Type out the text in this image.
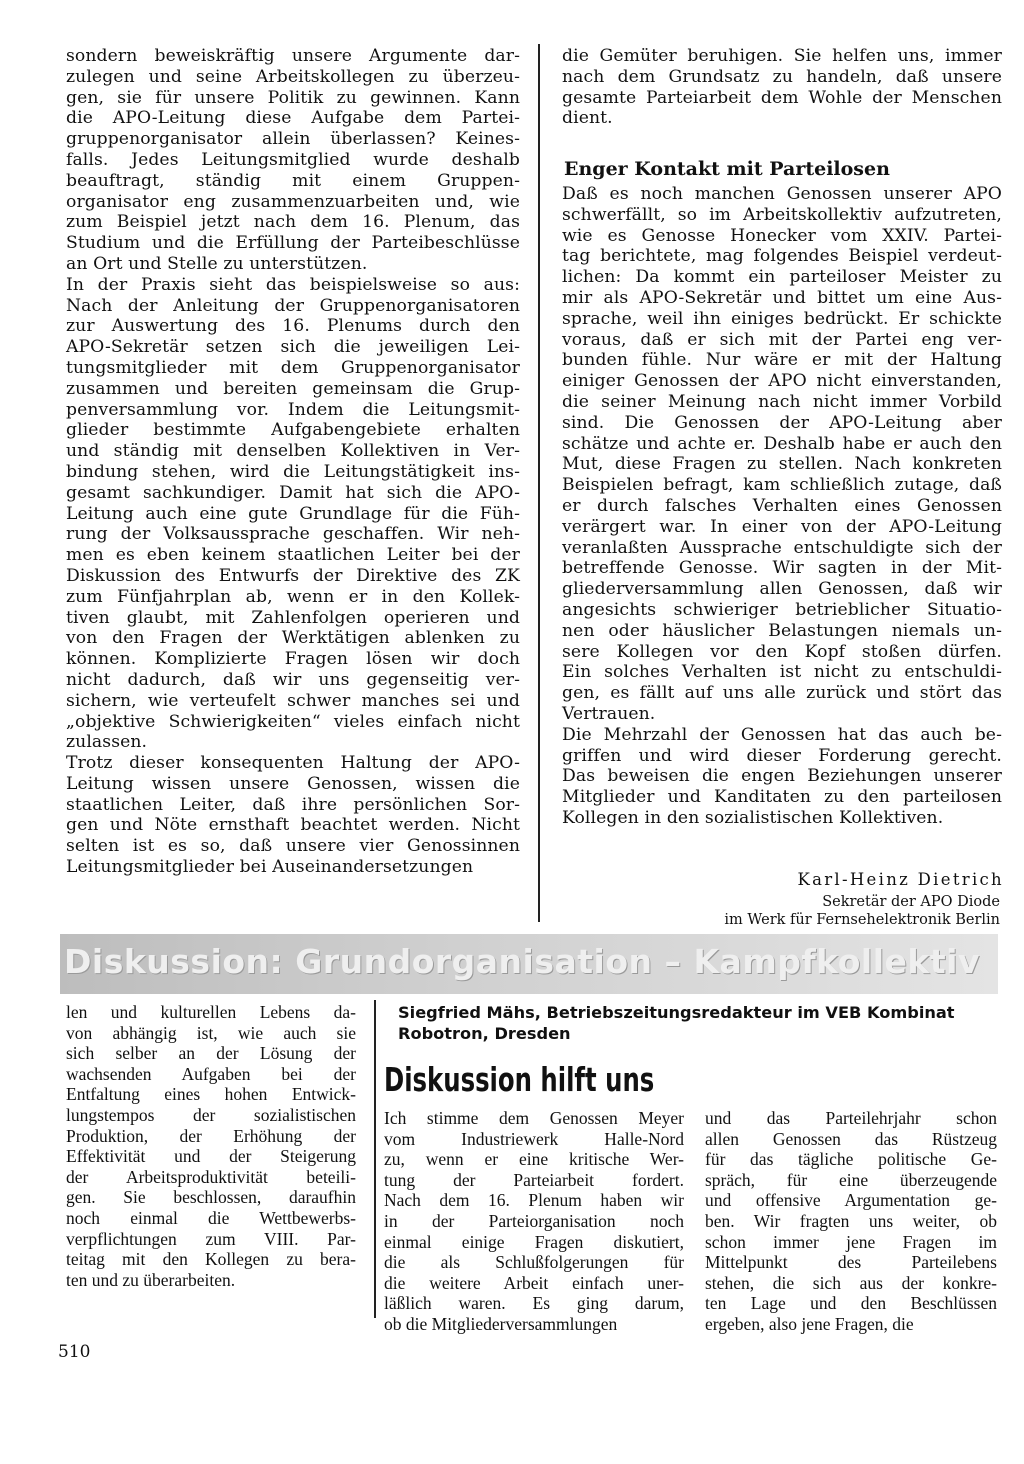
sondern beweiskräftig unsere Argumente dar-
zulegen und seine Arbeitskollegen zu überzeu-
gen, sie für unsere Politik zu gewinnen. Kann
die APO-Leitung diese Aufgabe dem Partei-
gruppenorganisator allein überlassen? Keines-
falls. Jedes Leitungsmitglied wurde deshalb
beauftragt, ständig mit einem Gruppen-
organisator eng zusammenzuarbeiten und, wie
zum Beispiel jetzt nach dem 16. Plenum, das
Studium und die Erfüllung der Parteibeschlüsse
an Ort und Stelle zu unterstützen.
In der Praxis sieht das beispielsweise so aus:
Nach der Anleitung der Gruppenorganisatoren
zur Auswertung des 16. Plenums durch den
APO-Sekretär setzen sich die jeweiligen Lei-
tungsmitglieder mit dem Gruppenorganisator
zusammen und bereiten gemeinsam die Grup-
penversammlung vor. Indem die Leitungsmit-
glieder bestimmte Aufgabengebiete erhalten
und ständig mit denselben Kollektiven in Ver-
bindung stehen, wird die Leitungstätigkeit ins-
gesamt sachkundiger. Damit hat sich die APO-
Leitung auch eine gute Grundlage für die Füh-
rung der Volksaussprache geschaffen. Wir neh-
men es eben keinem staatlichen Leiter bei der
Diskussion des Entwurfs der Direktive des ZK
zum Fünfjahrplan ab, wenn er in den Kollek-
tiven glaubt, mit Zahlenfolgen operieren und
von den Fragen der Werktätigen ablenken zu
können. Komplizierte Fragen lösen wir doch
nicht dadurch, daß wir uns gegenseitig ver-
sichern, wie verteufelt schwer manches sei und
„objektive Schwierigkeiten“ vieles einfach nicht
zulassen.
Trotz dieser konsequenten Haltung der APO-
Leitung wissen unsere Genossen, wissen die
staatlichen Leiter, daß ihre persönlichen Sor-
gen und Nöte ernsthaft beachtet werden. Nicht
selten ist es so, daß unsere vier Genossinnen
Leitungsmitglieder bei Auseinandersetzungen
die Gemüter beruhigen. Sie helfen uns, immer
nach dem Grundsatz zu handeln, daß unsere
gesamte Parteiarbeit dem Wohle der Menschen
dient.
Enger Kontakt mit Parteilosen
Daß es noch manchen Genossen unserer APO
schwerfällt, so im Arbeitskollektiv aufzutreten,
wie es Genosse Honecker vom XXIV. Partei-
tag berichtete, mag folgendes Beispiel verdeut-
lichen: Da kommt ein parteiloser Meister zu
mir als APO-Sekretär und bittet um eine Aus-
sprache, weil ihn einiges bedrückt. Er schickte
voraus, daß er sich mit der Partei eng ver-
bunden fühle. Nur wäre er mit der Haltung
einiger Genossen der APO nicht einverstanden,
die seiner Meinung nach nicht immer Vorbild
sind. Die Genossen der APO-Leitung aber
schätze und achte er. Deshalb habe er auch den
Mut, diese Fragen zu stellen. Nach konkreten
Beispielen befragt, kam schließlich zutage, daß
er durch falsches Verhalten eines Genossen
verärgert war. In einer von der APO-Leitung
veranlaßten Aussprache entschuldigte sich der
betreffende Genosse. Wir sagten in der Mit-
gliederversammlung allen Genossen, daß wir
angesichts schwieriger betrieblicher Situatio-
nen oder häuslicher Belastungen niemals un-
sere Kollegen vor den Kopf stoßen dürfen.
Ein solches Verhalten ist nicht zu entschuldi-
gen, es fällt auf uns alle zurück und stört das
Vertrauen.
Die Mehrzahl der Genossen hat das auch be-
griffen und wird dieser Forderung gerecht.
Das beweisen die engen Beziehungen unserer
Mitglieder und Kanditaten zu den parteilosen
Kollegen in den sozialistischen Kollektiven.
Karl-Heinz Dietrich
Sekretär der APO Diode
im Werk für Fernsehelektronik Berlin
Diskussion: Grundorganisation – Kampfkollektiv
len und kulturellen Lebens da-
von abhängig ist, wie auch sie
sich selber an der Lösung der
wachsenden Aufgaben bei der
Entfaltung eines hohen Entwick-
lungstempos der sozialistischen
Produktion, der Erhöhung der
Effektivität und der Steigerung
der Arbeitsproduktivität beteili-
gen. Sie beschlossen, daraufhin
noch einmal die Wettbewerbs-
verpflichtungen zum VIII. Par-
teitag mit den Kollegen zu bera-
ten und zu überarbeiten.
Siegfried Mähs, Betriebszeitungsredakteur im VEB Kombinat
Robotron, Dresden
Diskussion hilft uns
Ich stimme dem Genossen Meyer
vom Industriewerk Halle-Nord
zu, wenn er eine kritische Wer-
tung der Parteiarbeit fordert.
Nach dem 16. Plenum haben wir
in der Parteiorganisation noch
einmal einige Fragen diskutiert,
die als Schlußfolgerungen für
die weitere Arbeit einfach uner-
läßlich waren. Es ging darum,
ob die Mitgliederversammlungen
und das Parteilehrjahr schon
allen Genossen das Rüstzeug
für das tägliche politische Ge-
spräch, für eine überzeugende
und offensive Argumentation ge-
ben. Wir fragten uns weiter, ob
schon immer jene Fragen im
Mittelpunkt des Parteilebens
stehen, die sich aus der konkre-
ten Lage und den Beschlüssen
ergeben, also jene Fragen, die
510
